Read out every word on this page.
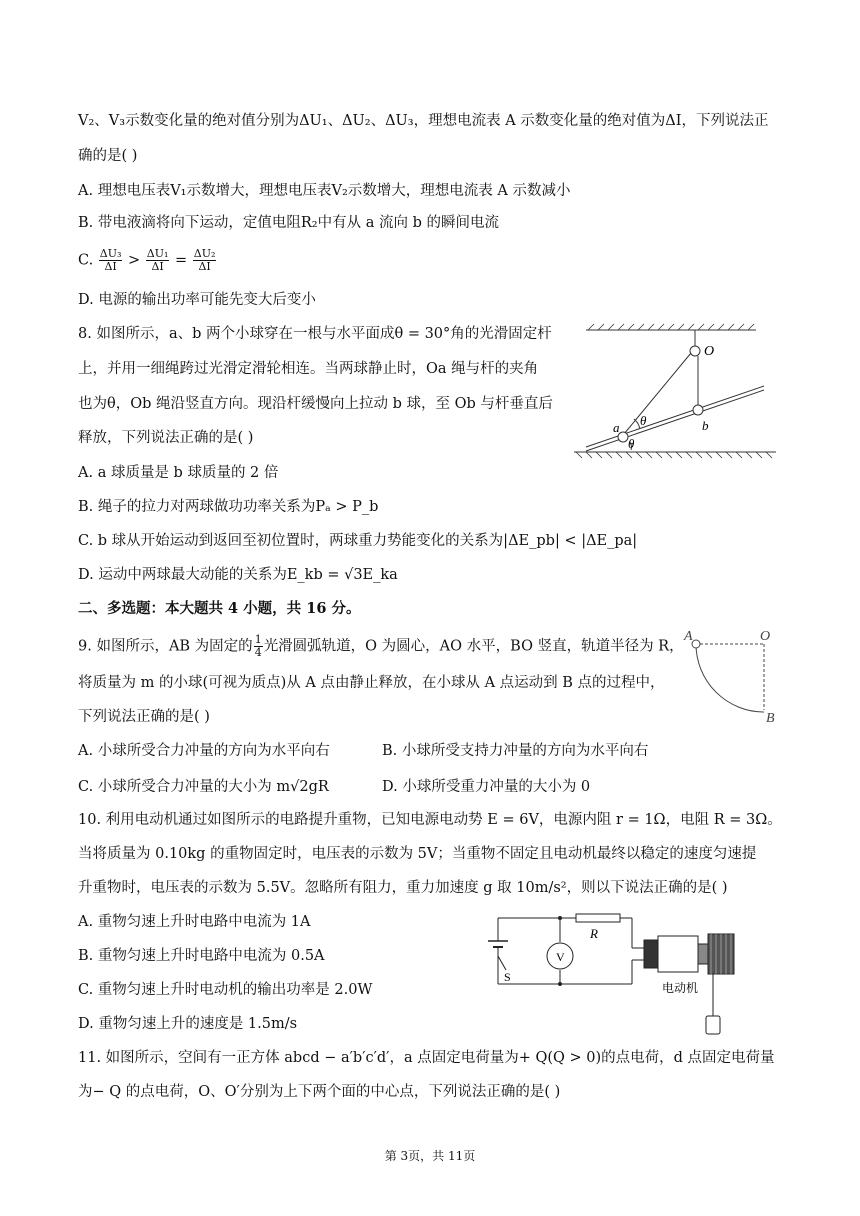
V₂、V₃示数变化量的绝对值分别为ΔU₁、ΔU₂、ΔU₃，理想电流表 A 示数变化量的绝对值为ΔI，下列说法正
确的是( )
A. 理想电压表V₁示数增大，理想电压表V₂示数增大，理想电流表 A 示数减小
B. 带电液滴将向下运动，定值电阻R₂中有从 a 流向 b 的瞬间电流
C. $\frac{\text{ΔU₃}}{\Delta I} > \frac{\text{ΔU₁}}{\Delta I} = \frac{\text{ΔU₂}}{\Delta I}$
D. 电源的输出功率可能先变大后变小
8. 如图所示，a、b 两个小球穿在一根与水平面成θ = 30°角的光滑固定杆
上，并用一细绳跨过光滑定滑轮相连。当两球静止时，Oa 绳与杆的夹角
也为θ，Ob 绳沿竖直方向。现沿杆缓慢向上拉动 b 球，至 Ob 与杆垂直后
释放，下列说法正确的是( )
A. a 球质量是 b 球质量的 2 倍
B. 绳子的拉力对两球做功功率关系为Pₐ > P_b
C. b 球从开始运动到返回至初位置时，两球重力势能变化的关系为|ΔE_pb| < |ΔE_pa|
D. 运动中两球最大动能的关系为E_kb = √3E_ka
O
a	b
θ
θ
二、多选题：本大题共 4 小题，共 16 分。
9. 如图所示，AB 为固定的 $\frac{1}{4}$ 光滑圆弧轨道，O 为圆心，AO 水平，BO 竖直，轨道半径为 R，
将质量为 m 的小球(可视为质点)从 A 点由静止释放，在小球从 A 点运动到 B 点的过程中，
下列说法正确的是( )
A. 小球所受合力冲量的方向为水平向右	B. 小球所受支持力冲量的方向为水平向右
C. 小球所受合力冲量的大小为 m√2gR	D. 小球所受重力冲量的大小为 0
A	O
B
10. 利用电动机通过如图所示的电路提升重物，已知电源电动势 E = 6V，电源内阻 r = 1Ω，电阻 R = 3Ω。
当将质量为 0.10kg 的重物固定时，电压表的示数为 5V；当重物不固定且电动机最终以稳定的速度匀速提
升重物时，电压表的示数为 5.5V。忽略所有阻力，重力加速度 g 取 10m/s²，则以下说法正确的是( )
A. 重物匀速上升时电路中电流为 1A
B. 重物匀速上升时电路中电流为 0.5A
C. 重物匀速上升时电动机的输出功率是 2.0W
D. 重物匀速上升的速度是 1.5m/s
V
R
S
电动机
11. 如图所示，空间有一正方体 abcd − a′b′c′d′，a 点固定电荷量为+ Q(Q > 0)的点电荷，d 点固定电荷量
为− Q 的点电荷，O、O′分别为上下两个面的中心点，下列说法正确的是( )
第 3页，共 11页
